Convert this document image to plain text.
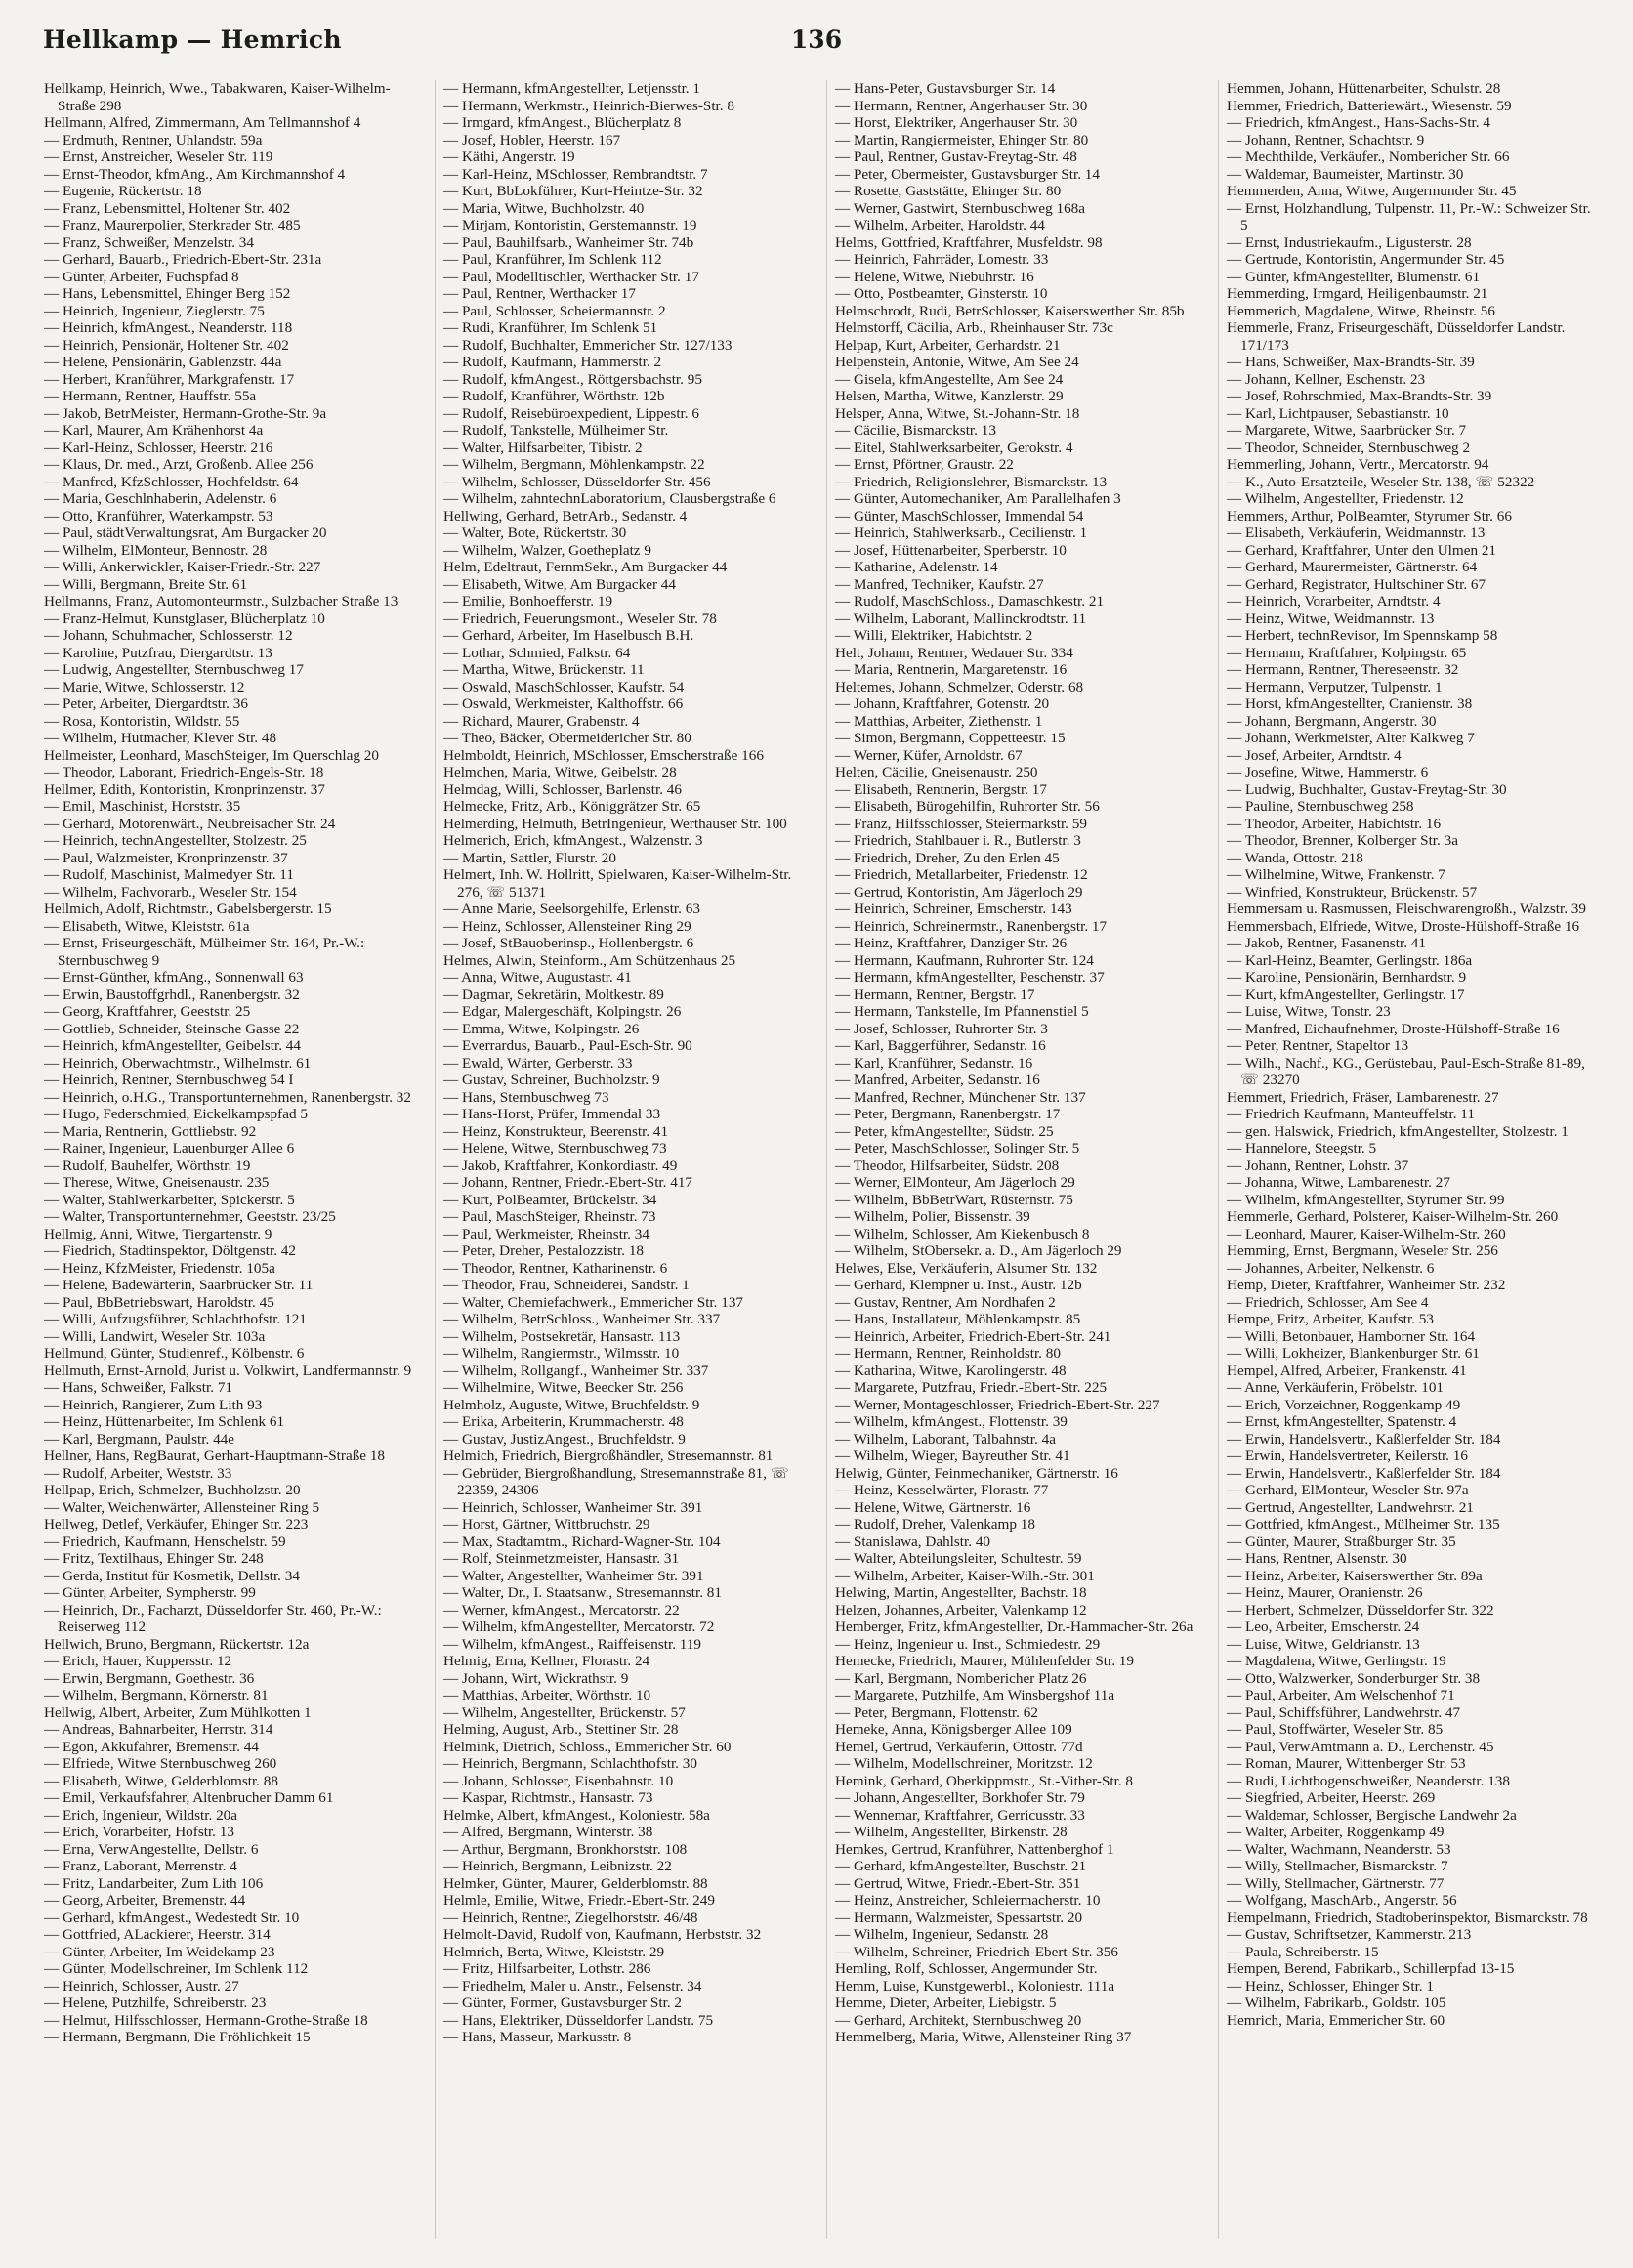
Hellkamp — Hemrich	136
Hellkamp, Heinrich, Wwe., Tabakwaren, Kaiser-Wilhelm-Straße 298
Hellmann, Alfred, Zimmermann, Am Tellmannshof 4
— Erdmuth, Rentner, Uhlandstr. 59a
— Ernst, Anstreicher, Weseler Str. 119
— Ernst-Theodor, kfmAng., Am Kirchmannshof 4
— Eugenie, Rückertstr. 18
— Franz, Lebensmittel, Holtener Str. 402
— Franz, Maurerpolier, Sterkrader Str. 485
— Franz, Schweißer, Menzelstr. 34
— Gerhard, Bauarb., Friedrich-Ebert-Str. 231a
— Günter, Arbeiter, Fuchspfad 8
— Hans, Lebensmittel, Ehinger Berg 152
— Heinrich, Ingenieur, Zieglerstr. 75
— Heinrich, kfmAngest., Neanderstr. 118
— Heinrich, Pensionär, Holtener Str. 402
— Helene, Pensionärin, Gablenzstr. 44a
— Herbert, Kranführer, Markgrafenstr. 17
— Hermann, Rentner, Hauffstr. 55a
— Jakob, BetrMeister, Hermann-Grothe-Str. 9a
— Karl, Maurer, Am Krähenhorst 4a
— Karl-Heinz, Schlosser, Heerstr. 216
— Klaus, Dr. med., Arzt, Großenb. Allee 256
— Manfred, KfzSchlosser, Hochfeldstr. 64
— Maria, Geschlnhaberin, Adelenstr. 6
— Otto, Kranführer, Waterkampstr. 53
— Paul, städtVerwaltungsrat, Am Burgacker 20
— Wilhelm, ElMonteur, Bennostr. 28
— Willi, Ankerwickler, Kaiser-Friedr.-Str. 227
— Willi, Bergmann, Breite Str. 61
Hellmanns, Franz, Automonteurmstr., Sulzbacher Straße 13
— Franz-Helmut, Kunstglaser, Blücherplatz 10
— Johann, Schuhmacher, Schlosserstr. 12
— Karoline, Putzfrau, Diergardtstr. 13
— Ludwig, Angestellter, Sternbuschweg 17
— Marie, Witwe, Schlosserstr. 12
— Peter, Arbeiter, Diergardtstr. 36
— Rosa, Kontoristin, Wildstr. 55
— Wilhelm, Hutmacher, Klever Str. 48
Hellmeister, Leonhard, MaschSteiger, Im Querschlag 20
— Theodor, Laborant, Friedrich-Engels-Str. 18
Hellmer, Edith, Kontoristin, Kronprinzenstr. 37
— Emil, Maschinist, Horststr. 35
— Gerhard, Motorenwärt., Neubreisacher Str. 24
— Heinrich, technAngestellter, Stolzestr. 25
— Paul, Walzmeister, Kronprinzenstr. 37
— Rudolf, Maschinist, Malmedyer Str. 11
— Wilhelm, Fachvorarb., Weseler Str. 154
Hellmich, Adolf, Richtmstr., Gabelsbergerstr. 15
— Elisabeth, Witwe, Kleiststr. 61a
— Ernst, Friseurgeschäft, Mülheimer Str. 164, Pr.-W.: Sternbuschweg 9
— Ernst-Günther, kfmAng., Sonnenwall 63
— Erwin, Baustoffgrhdl., Ranenbergstr. 32
— Georg, Kraftfahrer, Geeststr. 25
— Gottlieb, Schneider, Steinsche Gasse 22
— Heinrich, kfmAngestellter, Geibelstr. 44
— Heinrich, Oberwachtmstr., Wilhelmstr. 61
— Heinrich, Rentner, Sternbuschweg 54 I
— Heinrich, o.H.G., Transportunternehmen, Ranenbergstr. 32
— Hugo, Federschmied, Eickelkampspfad 5
— Maria, Rentnerin, Gottliebstr. 92
— Rainer, Ingenieur, Lauenburger Allee 6
— Rudolf, Bauhelfer, Wörthstr. 19
— Therese, Witwe, Gneisenaustr. 235
— Walter, Stahlwerkarbeiter, Spickerstr. 5
— Walter, Transportunternehmer, Geeststr. 23/25
Hellmig, Anni, Witwe, Tiergartenstr. 9
— Fiedrich, Stadtinspektor, Döltgenstr. 42
— Heinz, KfzMeister, Friedenstr. 105a
— Helene, Badewärterin, Saarbrücker Str. 11
— Paul, BbBetriebswart, Haroldstr. 45
— Willi, Aufzugsführer, Schlachthofstr. 121
— Willi, Landwirt, Weseler Str. 103a
Hellmund, Günter, Studienref., Kölbenstr. 6
Hellmuth, Ernst-Arnold, Jurist u. Volkwirt, Landfermannstr. 9
— Hans, Schweißer, Falkstr. 71
— Heinrich, Rangierer, Zum Lith 93
— Heinz, Hüttenarbeiter, Im Schlenk 61
— Karl, Bergmann, Paulstr. 44e
Hellner, Hans, RegBaurat, Gerhart-Hauptmann-Straße 18
— Rudolf, Arbeiter, Weststr. 33
Hellpap, Erich, Schmelzer, Buchholzstr. 20
— Walter, Weichenwärter, Allensteiner Ring 5
Hellweg, Detlef, Verkäufer, Ehinger Str. 223
— Friedrich, Kaufmann, Henschelstr. 59
— Fritz, Textilhaus, Ehinger Str. 248
— Gerda, Institut für Kosmetik, Dellstr. 34
— Günter, Arbeiter, Sympherstr. 99
— Heinrich, Dr., Facharzt, Düsseldorfer Str. 460, Pr.-W.: Reiserweg 112
Hellwich, Bruno, Bergmann, Rückertstr. 12a
— Erich, Hauer, Kuppersstr. 12
— Erwin, Bergmann, Goethestr. 36
— Wilhelm, Bergmann, Körnerstr. 81
Hellwig, Albert, Arbeiter, Zum Mühlkotten 1
— Andreas, Bahnarbeiter, Herrstr. 314
— Egon, Akkufahrer, Bremenstr. 44
— Elfriede, Witwe Sternbuschweg 260
— Elisabeth, Witwe, Gelderblomstr. 88
— Emil, Verkaufsfahrer, Altenbrucher Damm 61
— Erich, Ingenieur, Wildstr. 20a
— Erich, Vorarbeiter, Hofstr. 13
— Erna, VerwAngestellte, Dellstr. 6
— Franz, Laborant, Merrenstr. 4
— Fritz, Landarbeiter, Zum Lith 106
— Georg, Arbeiter, Bremenstr. 44
— Gerhard, kfmAngest., Wedestedt Str. 10
— Gottfried, ALackierer, Heerstr. 314
— Günter, Arbeiter, Im Weidekamp 23
— Günter, Modellschreiner, Im Schlenk 112
— Heinrich, Schlosser, Austr. 27
— Helene, Putzhilfe, Schreiberstr. 23
— Helmut, Hilfsschlosser, Hermann-Grothe-Straße 18
— Hermann, Bergmann, Die Fröhlichkeit 15
— Hermann, kfmAngestellter, Letjensstr. 1
— Hermann, Werkmstr., Heinrich-Bierwes-Str. 8
— Irmgard, kfmAngest., Blücherplatz 8
— Josef, Hobler, Heerstr. 167
— Käthi, Angerstr. 19
— Karl-Heinz, MSchlosser, Rembrandtstr. 7
— Kurt, BbLokführer, Kurt-Heintze-Str. 32
— Maria, Witwe, Buchholzstr. 40
— Mirjam, Kontoristin, Gerstemannstr. 19
— Paul, Bauhilfsarb., Wanheimer Str. 74b
— Paul, Kranführer, Im Schlenk 112
— Paul, Modelltischler, Werthacker Str. 17
— Paul, Rentner, Werthacker 17
— Paul, Schlosser, Scheiermannstr. 2
— Rudi, Kranführer, Im Schlenk 51
— Rudolf, Buchhalter, Emmericher Str. 127/133
— Rudolf, Kaufmann, Hammerstr. 2
— Rudolf, kfmAngest., Röttgersbachstr. 95
— Rudolf, Kranführer, Wörthstr. 12b
— Rudolf, Reisebüroexpedient, Lippestr. 6
— Rudolf, Tankstelle, Mülheimer Str.
— Walter, Hilfsarbeiter, Tibistr. 2
— Wilhelm, Bergmann, Möhlenkampstr. 22
— Wilhelm, Schlosser, Düsseldorfer Str. 456
— Wilhelm, zahntechnLaboratorium, Clausbergstraße 6
Hellwing, Gerhard, BetrArb., Sedanstr. 4
— Walter, Bote, Rückertstr. 30
— Wilhelm, Walzer, Goetheplatz 9
Helm, Edeltraut, FernmSekr., Am Burgacker 44
— Elisabeth, Witwe, Am Burgacker 44
— Emilie, Bonhoefferstr. 19
— Friedrich, Feuerungsmont., Weseler Str. 78
— Gerhard, Arbeiter, Im Haselbusch B.H.
— Lothar, Schmied, Falkstr. 64
— Martha, Witwe, Brückenstr. 11
— Oswald, MaschSchlosser, Kaufstr. 54
— Oswald, Werkmeister, Kalthoffstr. 66
— Richard, Maurer, Grabenstr. 4
— Theo, Bäcker, Obermeidericher Str. 80
Helmboldt, Heinrich, MSchlosser, Emscherstraße 166
Helmchen, Maria, Witwe, Geibelstr. 28
Helmdag, Willi, Schlosser, Barlenstr. 46
Helmecke, Fritz, Arb., Königgrätzer Str. 65
Helmerding, Helmuth, BetrIngenieur, Werthauser Str. 100
Helmerich, Erich, kfmAngest., Walzenstr. 3
— Martin, Sattler, Flurstr. 20
Helmert, Inh. W. Hollritt, Spielwaren, Kaiser-Wilhelm-Str. 276, ☏ 51371
— Anne Marie, Seelsorgehilfe, Erlenstr. 63
— Heinz, Schlosser, Allensteiner Ring 29
— Josef, StBauoberinsp., Hollenbergstr. 6
Helmes, Alwin, Steinform., Am Schützenhaus 25
— Anna, Witwe, Augustastr. 41
— Dagmar, Sekretärin, Moltkestr. 89
— Edgar, Malergeschäft, Kolpingstr. 26
— Emma, Witwe, Kolpingstr. 26
— Everrardus, Bauarb., Paul-Esch-Str. 90
— Ewald, Wärter, Gerberstr. 33
— Gustav, Schreiner, Buchholzstr. 9
— Hans, Sternbuschweg 73
— Hans-Horst, Prüfer, Immendal 33
— Heinz, Konstrukteur, Beerenstr. 41
— Helene, Witwe, Sternbuschweg 73
— Jakob, Kraftfahrer, Konkordiastr. 49
— Johann, Rentner, Friedr.-Ebert-Str. 417
— Kurt, PolBeamter, Brückelstr. 34
— Paul, MaschSteiger, Rheinstr. 73
— Paul, Werkmeister, Rheinstr. 34
— Peter, Dreher, Pestalozzistr. 18
— Theodor, Rentner, Katharinenstr. 6
— Theodor, Frau, Schneiderei, Sandstr. 1
— Walter, Chemiefachwerk., Emmericher Str. 137
— Wilhelm, BetrSchloss., Wanheimer Str. 337
— Wilhelm, Postsekretär, Hansastr. 113
— Wilhelm, Rangiermstr., Wilmsstr. 10
— Wilhelm, Rollgangf., Wanheimer Str. 337
— Wilhelmine, Witwe, Beecker Str. 256
Helmholz, Auguste, Witwe, Bruchfeldstr. 9
— Erika, Arbeiterin, Krummacherstr. 48
— Gustav, JustizAngest., Bruchfeldstr. 9
Helmich, Friedrich, Biergroßhändler, Stresemannstr. 81
— Gebrüder, Biergroßhandlung, Stresemannstraße 81, ☏ 22359, 24306
— Heinrich, Schlosser, Wanheimer Str. 391
— Horst, Gärtner, Wittbruchstr. 29
— Max, Stadtamtm., Richard-Wagner-Str. 104
— Rolf, Steinmetzmeister, Hansastr. 31
— Walter, Angestellter, Wanheimer Str. 391
— Walter, Dr., I. Staatsanw., Stresemannstr. 81
— Werner, kfmAngest., Mercatorstr. 22
— Wilhelm, kfmAngestellter, Mercatorstr. 72
— Wilhelm, kfmAngest., Raiffeisenstr. 119
Helmig, Erna, Kellner, Florastr. 24
— Johann, Wirt, Wickrathstr. 9
— Matthias, Arbeiter, Wörthstr. 10
— Wilhelm, Angestellter, Brückenstr. 57
Helming, August, Arb., Stettiner Str. 28
Helmink, Dietrich, Schloss., Emmericher Str. 60
— Heinrich, Bergmann, Schlachthofstr. 30
— Johann, Schlosser, Eisenbahnstr. 10
— Kaspar, Richtmstr., Hansastr. 73
Helmke, Albert, kfmAngest., Koloniestr. 58a
— Alfred, Bergmann, Winterstr. 38
— Arthur, Bergmann, Bronkhorststr. 108
— Heinrich, Bergmann, Leibnizstr. 22
Helmker, Günter, Maurer, Gelderblomstr. 88
Helmle, Emilie, Witwe, Friedr.-Ebert-Str. 249
— Heinrich, Rentner, Ziegelhorststr. 46/48
Helmolt-David, Rudolf von, Kaufmann, Herbststr. 32
Helmrich, Berta, Witwe, Kleiststr. 29
— Fritz, Hilfsarbeiter, Lothstr. 286
— Friedhelm, Maler u. Anstr., Felsenstr. 34
— Günter, Former, Gustavsburger Str. 2
— Hans, Elektriker, Düsseldorfer Landstr. 75
— Hans, Masseur, Markusstr. 8
— Hans-Peter, Gustavsburger Str. 14
— Hermann, Rentner, Angerhauser Str. 30
— Horst, Elektriker, Angerhauser Str. 30
— Martin, Rangiermeister, Ehinger Str. 80
— Paul, Rentner, Gustav-Freytag-Str. 48
— Peter, Obermeister, Gustavsburger Str. 14
— Rosette, Gaststätte, Ehinger Str. 80
— Werner, Gastwirt, Sternbuschweg 168a
— Wilhelm, Arbeiter, Haroldstr. 44
Helms, Gottfried, Kraftfahrer, Musfeldstr. 98
— Heinrich, Fahrräder, Lomestr. 33
— Helene, Witwe, Niebuhrstr. 16
— Otto, Postbeamter, Ginsterstr. 10
Helmschrodt, Rudi, BetrSchlosser, Kaiserswerther Str. 85b
Helmstorff, Cäcilia, Arb., Rheinhauser Str. 73c
Helpap, Kurt, Arbeiter, Gerhardstr. 21
Helpenstein, Antonie, Witwe, Am See 24
— Gisela, kfmAngestellte, Am See 24
Helsen, Martha, Witwe, Kanzlerstr. 29
Helsper, Anna, Witwe, St.-Johann-Str. 18
— Cäcilie, Bismarckstr. 13
— Eitel, Stahlwerksarbeiter, Gerokstr. 4
— Ernst, Pförtner, Graustr. 22
— Friedrich, Religionslehrer, Bismarckstr. 13
— Günter, Automechaniker, Am Parallelhafen 3
— Günter, MaschSchlosser, Immendal 54
— Heinrich, Stahlwerksarb., Cecilienstr. 1
— Josef, Hüttenarbeiter, Sperberstr. 10
— Katharine, Adelenstr. 14
— Manfred, Techniker, Kaufstr. 27
— Rudolf, MaschSchloss., Damaschkestr. 21
— Wilhelm, Laborant, Mallinckrodtstr. 11
— Willi, Elektriker, Habichtstr. 2
Helt, Johann, Rentner, Wedauer Str. 334
— Maria, Rentnerin, Margaretenstr. 16
Heltemes, Johann, Schmelzer, Oderstr. 68
— Johann, Kraftfahrer, Gotenstr. 20
— Matthias, Arbeiter, Ziethenstr. 1
— Simon, Bergmann, Coppetteestr. 15
— Werner, Küfer, Arnoldstr. 67
Helten, Cäcilie, Gneisenaustr. 250
— Elisabeth, Rentnerin, Bergstr. 17
— Elisabeth, Bürogehilfin, Ruhrorter Str. 56
— Franz, Hilfsschlosser, Steiermarkstr. 59
— Friedrich, Stahlbauer i. R., Butlerstr. 3
— Friedrich, Dreher, Zu den Erlen 45
— Friedrich, Metallarbeiter, Friedenstr. 12
— Gertrud, Kontoristin, Am Jägerloch 29
— Heinrich, Schreiner, Emscherstr. 143
— Heinrich, Schreinermstr., Ranenbergstr. 17
— Heinz, Kraftfahrer, Danziger Str. 26
— Hermann, Kaufmann, Ruhrorter Str. 124
— Hermann, kfmAngestellter, Peschenstr. 37
— Hermann, Rentner, Bergstr. 17
— Hermann, Tankstelle, Im Pfannenstiel 5
— Josef, Schlosser, Ruhrorter Str. 3
— Karl, Baggerführer, Sedanstr. 16
— Karl, Kranführer, Sedanstr. 16
— Manfred, Arbeiter, Sedanstr. 16
— Manfred, Rechner, Münchener Str. 137
— Peter, Bergmann, Ranenbergstr. 17
— Peter, kfmAngestellter, Südstr. 25
— Peter, MaschSchlosser, Solinger Str. 5
— Theodor, Hilfsarbeiter, Südstr. 208
— Werner, ElMonteur, Am Jägerloch 29
— Wilhelm, BbBetrWart, Rüsternstr. 75
— Wilhelm, Polier, Bissenstr. 39
— Wilhelm, Schlosser, Am Kiekenbusch 8
— Wilhelm, StObersekr. a. D., Am Jägerloch 29
Helwes, Else, Verkäuferin, Alsumer Str. 132
— Gerhard, Klempner u. Inst., Austr. 12b
— Gustav, Rentner, Am Nordhafen 2
— Hans, Installateur, Möhlenkampstr. 85
— Heinrich, Arbeiter, Friedrich-Ebert-Str. 241
— Hermann, Rentner, Reinholdstr. 80
— Katharina, Witwe, Karolingerstr. 48
— Margarete, Putzfrau, Friedr.-Ebert-Str. 225
— Werner, Montageschlosser, Friedrich-Ebert-Str. 227
— Wilhelm, kfmAngest., Flottenstr. 39
— Wilhelm, Laborant, Talbahnstr. 4a
— Wilhelm, Wieger, Bayreuther Str. 41
Helwig, Günter, Feinmechaniker, Gärtnerstr. 16
— Heinz, Kesselwärter, Florastr. 77
— Helene, Witwe, Gärtnerstr. 16
— Rudolf, Dreher, Valenkamp 18
— Stanislawa, Dahlstr. 40
— Walter, Abteilungsleiter, Schultestr. 59
— Wilhelm, Arbeiter, Kaiser-Wilh.-Str. 301
Helwing, Martin, Angestellter, Bachstr. 18
Helzen, Johannes, Arbeiter, Valenkamp 12
Hemberger, Fritz, kfmAngestellter, Dr.-Hammacher-Str. 26a
— Heinz, Ingenieur u. Inst., Schmiedestr. 29
Hemecke, Friedrich, Maurer, Mühlenfelder Str. 19
— Karl, Bergmann, Nombericher Platz 26
— Margarete, Putzhilfe, Am Winsbergshof 11a
— Peter, Bergmann, Flottenstr. 62
Hemeke, Anna, Königsberger Allee 109
Hemel, Gertrud, Verkäuferin, Ottostr. 77d
— Wilhelm, Modellschreiner, Moritzstr. 12
Hemink, Gerhard, Oberkippmstr., St.-Vither-Str. 8
— Johann, Angestellter, Borkhofer Str. 79
— Wennemar, Kraftfahrer, Gerricusstr. 33
— Wilhelm, Angestellter, Birkenstr. 28
Hemkes, Gertrud, Kranführer, Nattenberghof 1
— Gerhard, kfmAngestellter, Buschstr. 21
— Gertrud, Witwe, Friedr.-Ebert-Str. 351
— Heinz, Anstreicher, Schleiermacherstr. 10
— Hermann, Walzmeister, Spessartstr. 20
— Wilhelm, Ingenieur, Sedanstr. 28
— Wilhelm, Schreiner, Friedrich-Ebert-Str. 356
Hemling, Rolf, Schlosser, Angermunder Str.
Hemm, Luise, Kunstgewerbl., Koloniestr. 111a
Hemme, Dieter, Arbeiter, Liebigstr. 5
— Gerhard, Architekt, Sternbuschweg 20
Hemmelberg, Maria, Witwe, Allensteiner Ring 37
Hemmen, Johann, Hüttenarbeiter, Schulstr. 28
Hemmer, Friedrich, Batteriewärt., Wiesenstr. 59
— Friedrich, kfmAngest., Hans-Sachs-Str. 4
— Johann, Rentner, Schachtstr. 9
— Mechthilde, Verkäufer., Nombericher Str. 66
— Waldemar, Baumeister, Martinstr. 30
Hemmerden, Anna, Witwe, Angermunder Str. 45
— Ernst, Holzhandlung, Tulpenstr. 11, Pr.-W.: Schweizer Str. 5
— Ernst, Industriekaufm., Ligusterstr. 28
— Gertrude, Kontoristin, Angermunder Str. 45
— Günter, kfmAngestellter, Blumenstr. 61
Hemmerding, Irmgard, Heiligenbaumstr. 21
Hemmerich, Magdalene, Witwe, Rheinstr. 56
Hemmerle, Franz, Friseurgeschäft, Düsseldorfer Landstr. 171/173
— Hans, Schweißer, Max-Brandts-Str. 39
— Johann, Kellner, Eschenstr. 23
— Josef, Rohrschmied, Max-Brandts-Str. 39
— Karl, Lichtpauser, Sebastianstr. 10
— Margarete, Witwe, Saarbrücker Str. 7
— Theodor, Schneider, Sternbuschweg 2
Hemmerling, Johann, Vertr., Mercatorstr. 94
— K., Auto-Ersatzteile, Weseler Str. 138, ☏ 52322
— Wilhelm, Angestellter, Friedenstr. 12
Hemmers, Arthur, PolBeamter, Styrumer Str. 66
— Elisabeth, Verkäuferin, Weidmannstr. 13
— Gerhard, Kraftfahrer, Unter den Ulmen 21
— Gerhard, Maurermeister, Gärtnerstr. 64
— Gerhard, Registrator, Hultschiner Str. 67
— Heinrich, Vorarbeiter, Arndtstr. 4
— Heinz, Witwe, Weidmannstr. 13
— Herbert, technRevisor, Im Spennskamp 58
— Hermann, Kraftfahrer, Kolpingstr. 65
— Hermann, Rentner, Thereseenstr. 32
— Hermann, Verputzer, Tulpenstr. 1
— Horst, kfmAngestellter, Cranienstr. 38
— Johann, Bergmann, Angerstr. 30
— Johann, Werkmeister, Alter Kalkweg 7
— Josef, Arbeiter, Arndtstr. 4
— Josefine, Witwe, Hammerstr. 6
— Ludwig, Buchhalter, Gustav-Freytag-Str. 30
— Pauline, Sternbuschweg 258
— Theodor, Arbeiter, Habichtstr. 16
— Theodor, Brenner, Kolberger Str. 3a
— Wanda, Ottostr. 218
— Wilhelmine, Witwe, Frankenstr. 7
— Winfried, Konstrukteur, Brückenstr. 57
Hemmersam u. Rasmussen, Fleischwarengroßh., Walzstr. 39
Hemmersbach, Elfriede, Witwe, Droste-Hülshoff-Straße 16
— Jakob, Rentner, Fasanenstr. 41
— Karl-Heinz, Beamter, Gerlingstr. 186a
— Karoline, Pensionärin, Bernhardstr. 9
— Kurt, kfmAngestellter, Gerlingstr. 17
— Luise, Witwe, Tonstr. 23
— Manfred, Eichaufnehmer, Droste-Hülshoff-Straße 16
— Peter, Rentner, Stapeltor 13
— Wilh., Nachf., KG., Gerüstebau, Paul-Esch-Straße 81-89, ☏ 23270
Hemmert, Friedrich, Fräser, Lambarenestr. 27
— Friedrich Kaufmann, Manteuffelstr. 11
— gen. Halswick, Friedrich, kfmAngestellter, Stolzestr. 1
— Hannelore, Steegstr. 5
— Johann, Rentner, Lohstr. 37
— Johanna, Witwe, Lambarenestr. 27
— Wilhelm, kfmAngestellter, Styrumer Str. 99
Hemmerle, Gerhard, Polsterer, Kaiser-Wilhelm-Str. 260
— Leonhard, Maurer, Kaiser-Wilhelm-Str. 260
Hemming, Ernst, Bergmann, Weseler Str. 256
— Johannes, Arbeiter, Nelkenstr. 6
Hemp, Dieter, Kraftfahrer, Wanheimer Str. 232
— Friedrich, Schlosser, Am See 4
Hempe, Fritz, Arbeiter, Kaufstr. 53
— Willi, Betonbauer, Hamborner Str. 164
— Willi, Lokheizer, Blankenburger Str. 61
Hempel, Alfred, Arbeiter, Frankenstr. 41
— Anne, Verkäuferin, Fröbelstr. 101
— Erich, Vorzeichner, Roggenkamp 49
— Ernst, kfmAngestellter, Spatenstr. 4
— Erwin, Handelsvertr., Kaßlerfelder Str. 184
— Erwin, Handelsvertreter, Keilerstr. 16
— Erwin, Handelsvertr., Kaßlerfelder Str. 184
— Gerhard, ElMonteur, Weseler Str. 97a
— Gertrud, Angestellter, Landwehrstr. 21
— Gottfried, kfmAngest., Mülheimer Str. 135
— Günter, Maurer, Straßburger Str. 35
— Hans, Rentner, Alsenstr. 30
— Heinz, Arbeiter, Kaiserswerther Str. 89a
— Heinz, Maurer, Oranienstr. 26
— Herbert, Schmelzer, Düsseldorfer Str. 322
— Leo, Arbeiter, Emscherstr. 24
— Luise, Witwe, Geldrianstr. 13
— Magdalena, Witwe, Gerlingstr. 19
— Otto, Walzwerker, Sonderburger Str. 38
— Paul, Arbeiter, Am Welschenhof 71
— Paul, Schiffsführer, Landwehrstr. 47
— Paul, Stoffwärter, Weseler Str. 85
— Paul, VerwAmtmann a. D., Lerchenstr. 45
— Roman, Maurer, Wittenberger Str. 53
— Rudi, Lichtbogenschweißer, Neanderstr. 138
— Siegfried, Arbeiter, Heerstr. 269
— Waldemar, Schlosser, Bergische Landwehr 2a
— Walter, Arbeiter, Roggenkamp 49
— Walter, Wachmann, Neanderstr. 53
— Willy, Stellmacher, Bismarckstr. 7
— Willy, Stellmacher, Gärtnerstr. 77
— Wolfgang, MaschArb., Angerstr. 56
Hempelmann, Friedrich, Stadtoberinspektor, Bismarckstr. 78
— Gustav, Schriftsetzer, Kammerstr. 213
— Paula, Schreiberstr. 15
Hempen, Berend, Fabrikarb., Schillerpfad 13-15
— Heinz, Schlosser, Ehinger Str. 1
— Wilhelm, Fabrikarb., Goldstr. 105
Hemrich, Maria, Emmericher Str. 60
